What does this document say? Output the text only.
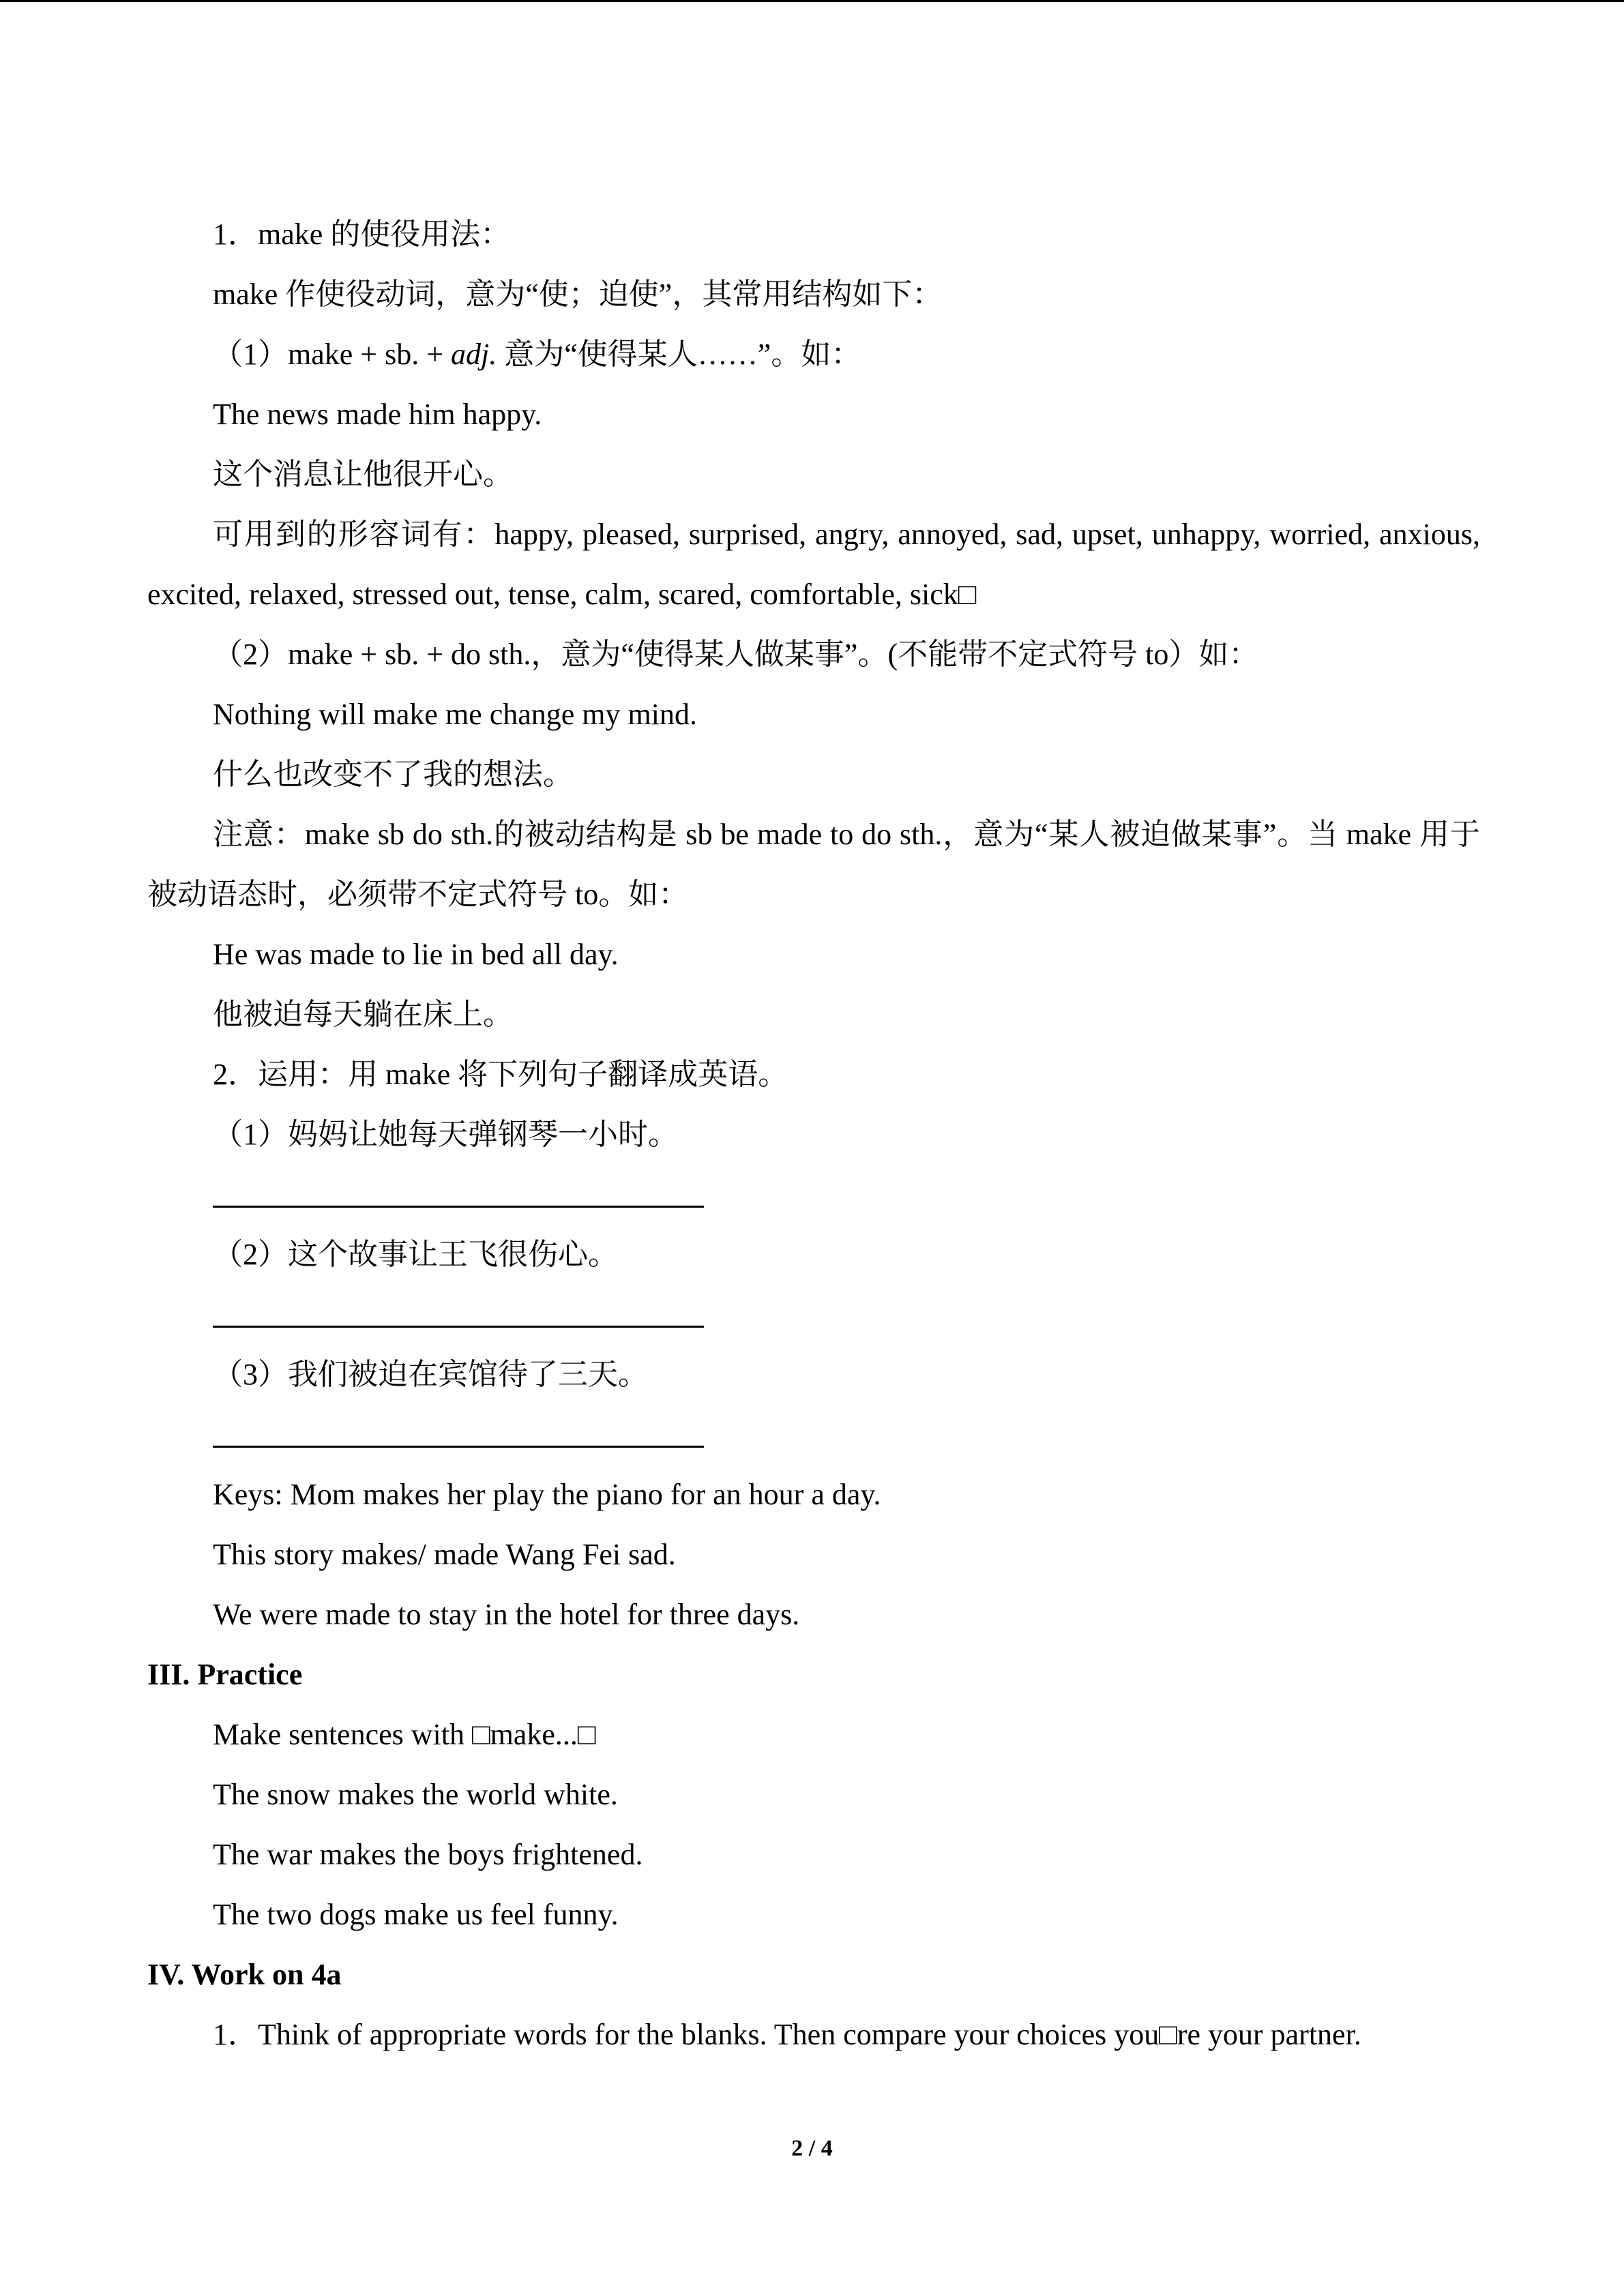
1．make 的使役用法：
make 作使役动词，意为“使；迫使”，其常用结构如下：
（1）make + sb. + adj. 意为“使得某人……”。如：
The news made him happy.
这个消息让他很开心。
可用到的形容词有：happy, pleased, surprised, angry, annoyed, sad, upset, unhappy, worried, anxious, excited, relaxed, stressed out, tense, calm, scared, comfortable, sick□
（2）make + sb. + do sth.，意为“使得某人做某事”。(不能带不定式符号 to）如：
Nothing will make me change my mind.
什么也改变不了我的想法。
注意：make sb do sth.的被动结构是 sb be made to do sth.，意为“某人被迫做某事”。当 make 用于被动语态时，必须带不定式符号 to。如：
He was made to lie in bed all day.
他被迫每天躺在床上。
2．运用：用 make 将下列句子翻译成英语。
（1）妈妈让她每天弹钢琴一小时。
（2）这个故事让王飞很伤心。
（3）我们被迫在宾馆待了三天。
Keys: Mom makes her play the piano for an hour a day.
This story makes/ made Wang Fei sad.
We were made to stay in the hotel for three days.
III. Practice
Make sentences with □make...□
The snow makes the world white.
The war makes the boys frightened.
The two dogs make us feel funny.
IV. Work on 4a
1．Think of appropriate words for the blanks. Then compare your choices you□re your partner.
2 / 4
